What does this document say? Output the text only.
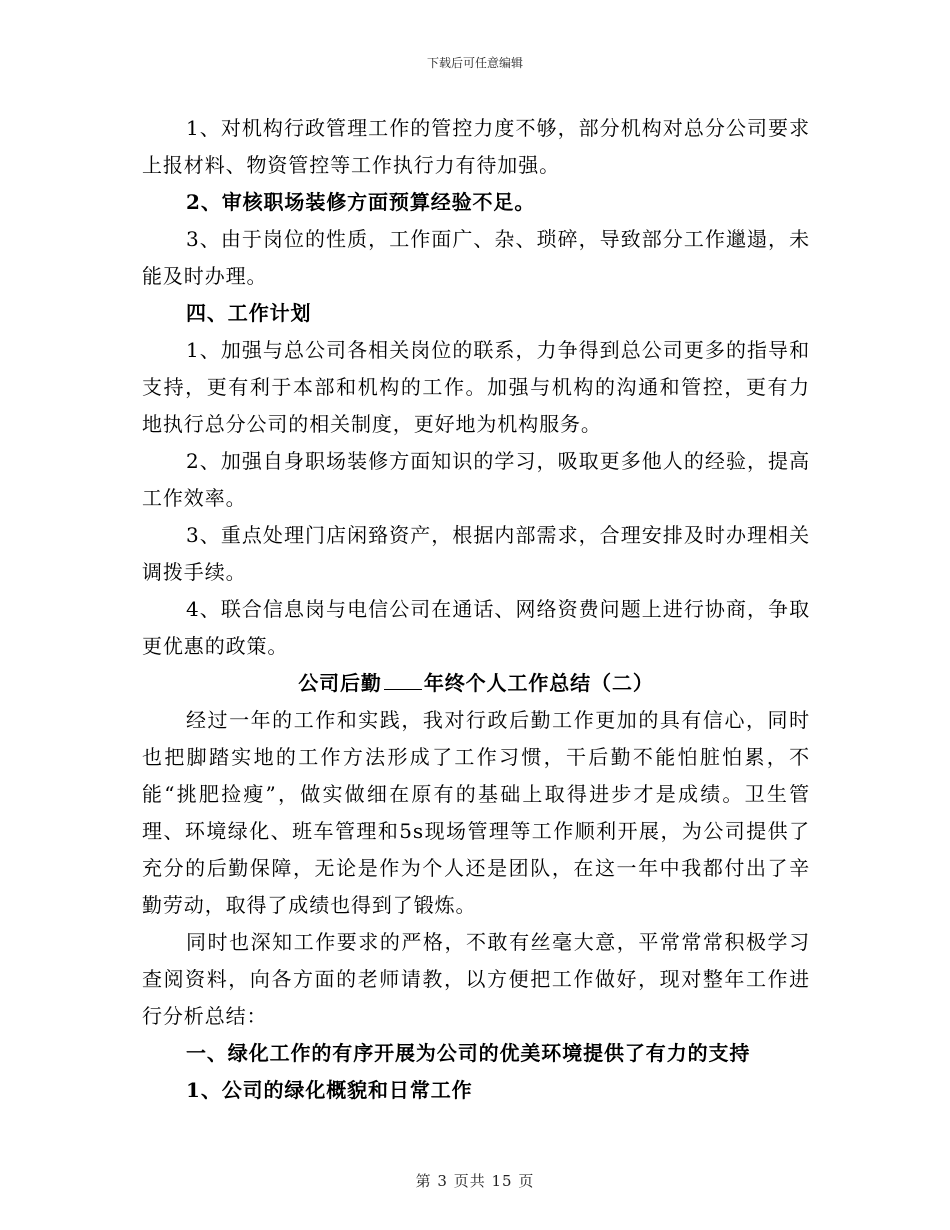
下载后可任意编辑

1、对机构行政管理工作的管控力度不够，部分机构对总分公司要求上报材料、物资管控等工作执行力有待加强。

2、审核职场装修方面预算经验不足。

3、由于岗位的性质，工作面广、杂、琐碎，导致部分工作邋遢，未能及时办理。

四、工作计划

1、加强与总公司各相关岗位的联系，力争得到总公司更多的指导和支持，更有利于本部和机构的工作。加强与机构的沟通和管控，更有力地执行总分公司的相关制度，更好地为机构服务。

2、加强自身职场装修方面知识的学习，吸取更多他人的经验，提高工作效率。

3、重点处理门店闲臵资产，根据内部需求，合理安排及时办理相关调拨手续。

4、联合信息岗与电信公司在通话、网络资费问题上进行协商，争取更优惠的政策。

公司后勤 年终个人工作总结（二）

经过一年的工作和实践，我对行政后勤工作更加的具有信心，同时也把脚踏实地的工作方法形成了工作习惯，干后勤不能怕脏怕累，不能“挑肥捡瘦”，做实做细在原有的基础上取得进步才是成绩。卫生管理、环境绿化、班车管理和5s现场管理等工作顺利开展，为公司提供了充分的后勤保障，无论是作为个人还是团队，在这一年中我都付出了辛勤劳动，取得了成绩也得到了锻炼。

同时也深知工作要求的严格，不敢有丝毫大意，平常常常积极学习查阅资料，向各方面的老师请教，以方便把工作做好，现对整年工作进行分析总结：

一、绿化工作的有序开展为公司的优美环境提供了有力的支持

1、公司的绿化概貌和日常工作

第 3 页共 15 页
